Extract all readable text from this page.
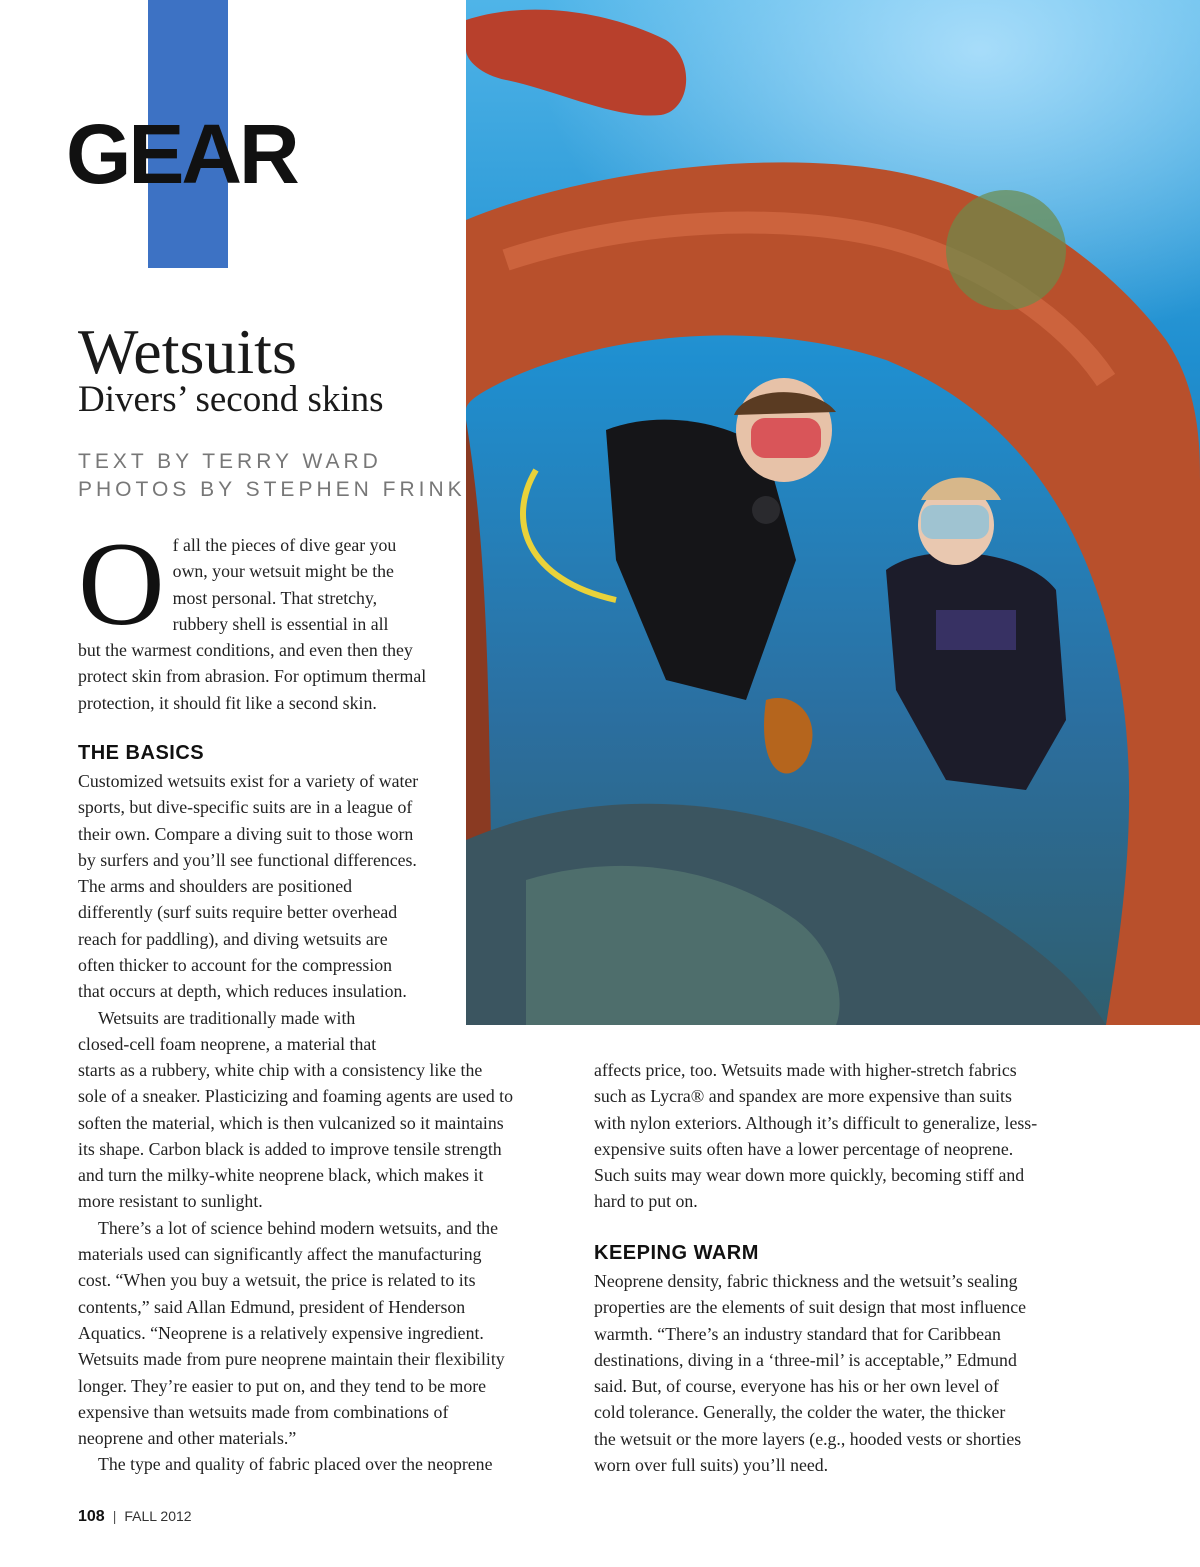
GEAR
Wetsuits
Divers’ second skins
TEXT BY TERRY WARD
PHOTOS BY STEPHEN FRINK
O f all the pieces of dive gear you
own, your wetsuit might be the
most personal. That stretchy,
rubbery shell is essential in all
but the warmest conditions, and even then they
protect skin from abrasion. For optimum thermal
protection, it should fit like a second skin.
THE BASICS
Customized wetsuits exist for a variety of water
sports, but dive-specific suits are in a league of
their own. Compare a diving suit to those worn
by surfers and you’ll see functional differences.
The arms and shoulders are positioned
differently (surf suits require better overhead
reach for paddling), and diving wetsuits are
often thicker to account for the compression
that occurs at depth, which reduces insulation.
Wetsuits are traditionally made with
closed-cell foam neoprene, a material that
starts as a rubbery, white chip with a consistency like the
sole of a sneaker. Plasticizing and foaming agents are used to
soften the material, which is then vulcanized so it maintains
its shape. Carbon black is added to improve tensile strength
and turn the milky-white neoprene black, which makes it
more resistant to sunlight.
There’s a lot of science behind modern wetsuits, and the
materials used can significantly affect the manufacturing
cost. “When you buy a wetsuit, the price is related to its
contents,” said Allan Edmund, president of Henderson
Aquatics. “Neoprene is a relatively expensive ingredient.
Wetsuits made from pure neoprene maintain their flexibility
longer. They’re easier to put on, and they tend to be more
expensive than wetsuits made from combinations of
neoprene and other materials.”
The type and quality of fabric placed over the neoprene
affects price, too. Wetsuits made with higher-stretch fabrics
such as Lycra® and spandex are more expensive than suits
with nylon exteriors. Although it’s difficult to generalize, less-
expensive suits often have a lower percentage of neoprene.
Such suits may wear down more quickly, becoming stiff and
hard to put on.
KEEPING WARM
Neoprene density, fabric thickness and the wetsuit’s sealing
properties are the elements of suit design that most influence
warmth. “There’s an industry standard that for Caribbean
destinations, diving in a ‘three-mil’ is acceptable,” Edmund
said. But, of course, everyone has his or her own level of
cold tolerance. Generally, the colder the water, the thicker
the wetsuit or the more layers (e.g., hooded vests or shorties
worn over full suits) you’ll need.
108 | FALL 2012
